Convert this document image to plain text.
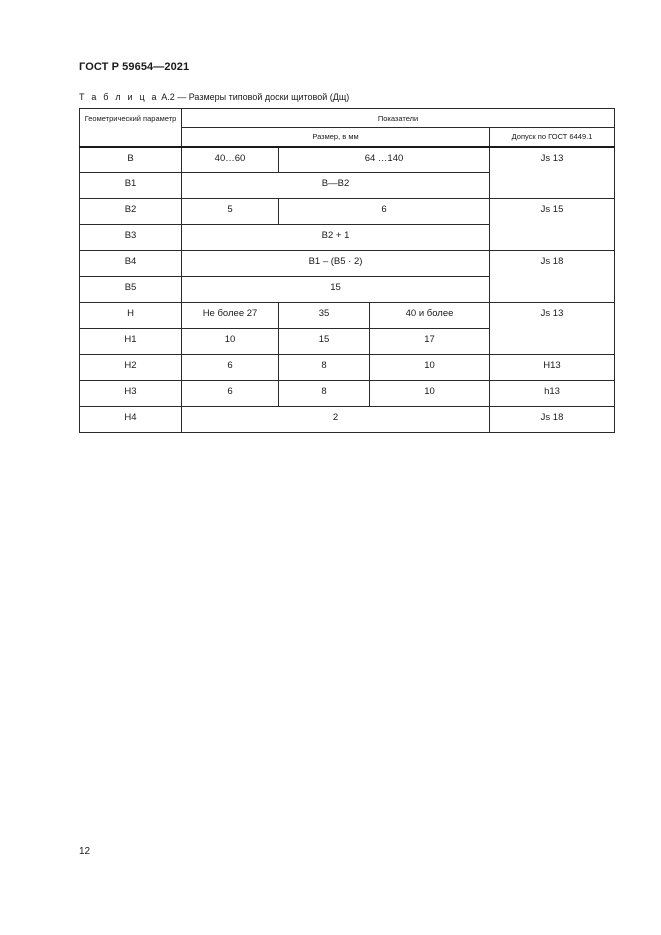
ГОСТ Р 59654—2021
Т а б л и ц а А.2 — Размеры типовой доски щитовой (Дщ)
Геометрический параметр	Показатели			
	Размер, в мм			Допуск по ГОСТ 6449.1
B	40…60	64 …140		Js 13
B1	B—B2			
B2	5	6		Js 15
B3	B2 + 1			
B4	B1 – (B5 · 2)			Js 18
B5	15			
H	Не более 27	35	40 и более	Js 13
H1	10	15	17	
H2	6	8	10	H13
H3	6	8	10	h13
H4	2			Js 18
12
